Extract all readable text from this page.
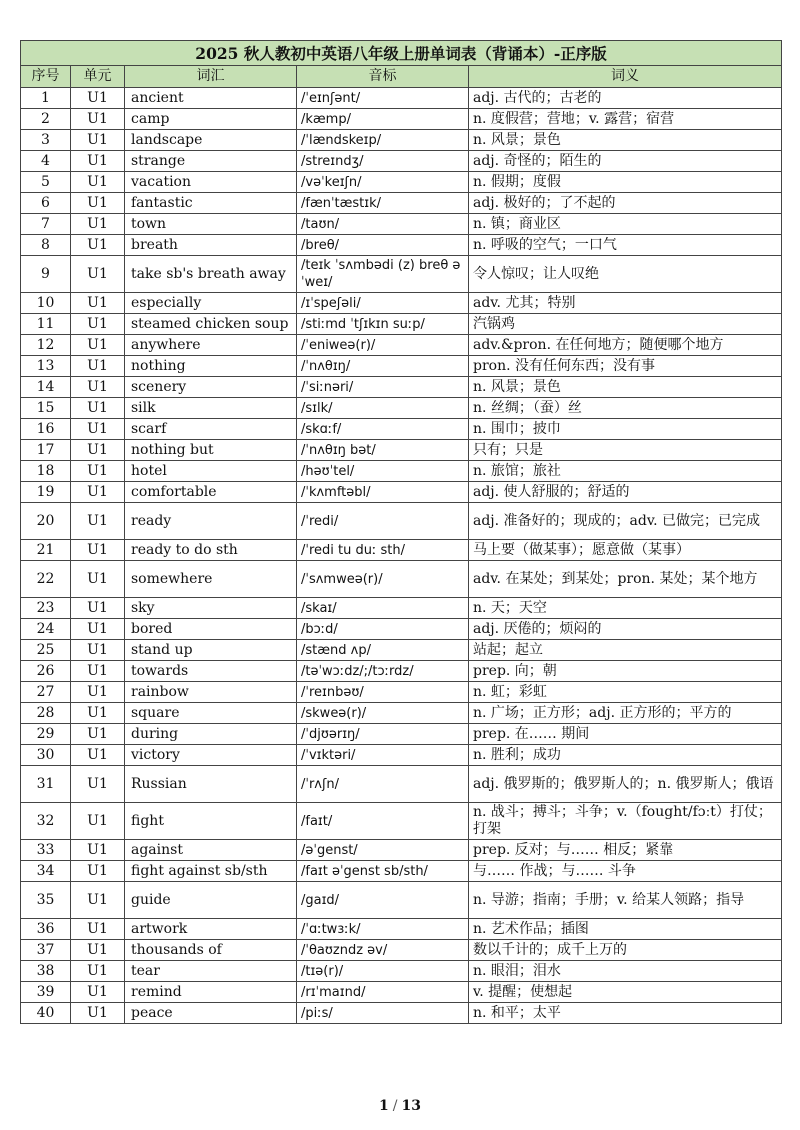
2025 秋人教初中英语八年级上册单词表（背诵本）-正序版				
序号	单元	词汇	音标	词义
1	U1	ancient	/ˈeɪnʃənt/	adj. 古代的；古老的
2	U1	camp	/kæmp/	n. 度假营；营地；v. 露营；宿营
3	U1	landscape	/ˈlændskeɪp/	n. 风景；景色
4	U1	strange	/streɪndʒ/	adj. 奇怪的；陌生的
5	U1	vacation	/vəˈkeɪʃn/	n. 假期；度假
6	U1	fantastic	/fænˈtæstɪk/	adj. 极好的；了不起的
7	U1	town	/taʊn/	n. 镇；商业区
8	U1	breath	/breθ/	n. 呼吸的空气；一口气
9	U1	take sb's breath away	/teɪk ˈsʌmbədi (z) breθ əˈweɪ/	令人惊叹；让人叹绝
10	U1	especially	/ɪˈspeʃəli/	adv. 尤其；特别
11	U1	steamed chicken soup	/stiːmd ˈtʃɪkɪn suːp/	汽锅鸡
12	U1	anywhere	/ˈeniweə(r)/	adv.&pron. 在任何地方；随便哪个地方
13	U1	nothing	/ˈnʌθɪŋ/	pron. 没有任何东西；没有事
14	U1	scenery	/ˈsiːnəri/	n. 风景；景色
15	U1	silk	/sɪlk/	n. 丝绸；（蚕）丝
16	U1	scarf	/skɑːf/	n. 围巾；披巾
17	U1	nothing but	/ˈnʌθɪŋ bət/	只有；只是
18	U1	hotel	/həʊˈtel/	n. 旅馆；旅社
19	U1	comfortable	/ˈkʌmftəbl/	adj. 使人舒服的；舒适的
20	U1	ready	/ˈredi/	adj. 准备好的；现成的；adv. 已做完；已完成
21	U1	ready to do sth	/ˈredi tu duː sth/	马上要（做某事）；愿意做（某事）
22	U1	somewhere	/ˈsʌmweə(r)/	adv. 在某处；到某处；pron. 某处；某个地方
23	U1	sky	/skaɪ/	n. 天；天空
24	U1	bored	/bɔːd/	adj. 厌倦的；烦闷的
25	U1	stand up	/stænd ʌp/	站起；起立
26	U1	towards	/təˈwɔːdz/;/tɔːrdz/	prep. 向；朝
27	U1	rainbow	/ˈreɪnbəʊ/	n. 虹；彩虹
28	U1	square	/skweə(r)/	n. 广场；正方形；adj. 正方形的；平方的
29	U1	during	/ˈdjʊərɪŋ/	prep. 在…… 期间
30	U1	victory	/ˈvɪktəri/	n. 胜利；成功
31	U1	Russian	/ˈrʌʃn/	adj. 俄罗斯的；俄罗斯人的；n. 俄罗斯人；俄语
32	U1	fight	/faɪt/	n. 战斗；搏斗；斗争；v.（fought/fɔːt）打仗；打架
33	U1	against	/əˈgenst/	prep. 反对；与…… 相反；紧靠
34	U1	fight against sb/sth	/faɪt əˈgenst sb/sth/	与…… 作战；与…… 斗争
35	U1	guide	/gaɪd/	n. 导游；指南；手册；v. 给某人领路；指导
36	U1	artwork	/ˈɑːtwɜːk/	n. 艺术作品；插图
37	U1	thousands of	/ˈθaʊzndz əv/	数以千计的；成千上万的
38	U1	tear	/tɪə(r)/	n. 眼泪；泪水
39	U1	remind	/rɪˈmaɪnd/	v. 提醒；使想起
40	U1	peace	/piːs/	n. 和平；太平
1 / 13
